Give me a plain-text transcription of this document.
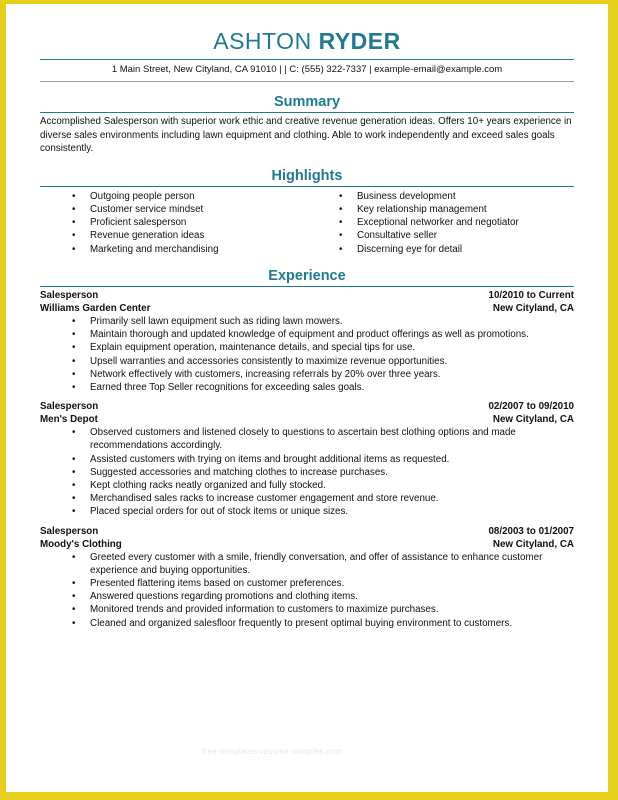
ASHTON RYDER
1 Main Street, New Cityland, CA 91010 | | C: (555) 322-7337 | example-email@example.com
Summary
Accomplished Salesperson with superior work ethic and creative revenue generation ideas. Offers 10+ years experience in diverse sales environments including lawn equipment and clothing. Able to work independently and exceed sales goals consistently.
Highlights
• Outgoing people person
• Customer service mindset
• Proficient salesperson
• Revenue generation ideas
• Marketing and merchandising
• Business development
• Key relationship management
• Exceptional networker and negotiator
• Consultative seller
• Discerning eye for detail
Experience
Salesperson	10/2010 to Current
Williams Garden Center	New Cityland, CA
• Primarily sell lawn equipment such as riding lawn mowers.
• Maintain thorough and updated knowledge of equipment and product offerings as well as promotions.
• Explain equipment operation, maintenance details, and special tips for use.
• Upsell warranties and accessories consistently to maximize revenue opportunities.
• Network effectively with customers, increasing referrals by 20% over three years.
• Earned three Top Seller recognitions for exceeding sales goals.
Salesperson	02/2007 to 09/2010
Men's Depot	New Cityland, CA
• Observed customers and listened closely to questions to ascertain best clothing options and made recommendations accordingly.
• Assisted customers with trying on items and brought additional items as requested.
• Suggested accessories and matching clothes to increase purchases.
• Kept clothing racks neatly organized and fully stocked.
• Merchandised sales racks to increase customer engagement and store revenue.
• Placed special orders for out of stock items or unique sizes.
Salesperson	08/2003 to 01/2007
Moody's Clothing	New Cityland, CA
• Greeted every customer with a smile, friendly conversation, and offer of assistance to enhance customer experience and buying opportunities.
• Presented flattering items based on customer preferences.
• Answered questions regarding promotions and clothing items.
• Monitored trends and provided information to customers to maximize purchases.
• Cleaned and organized salesfloor frequently to present optimal buying environment to customers.
free-templates-resume-samples.com
